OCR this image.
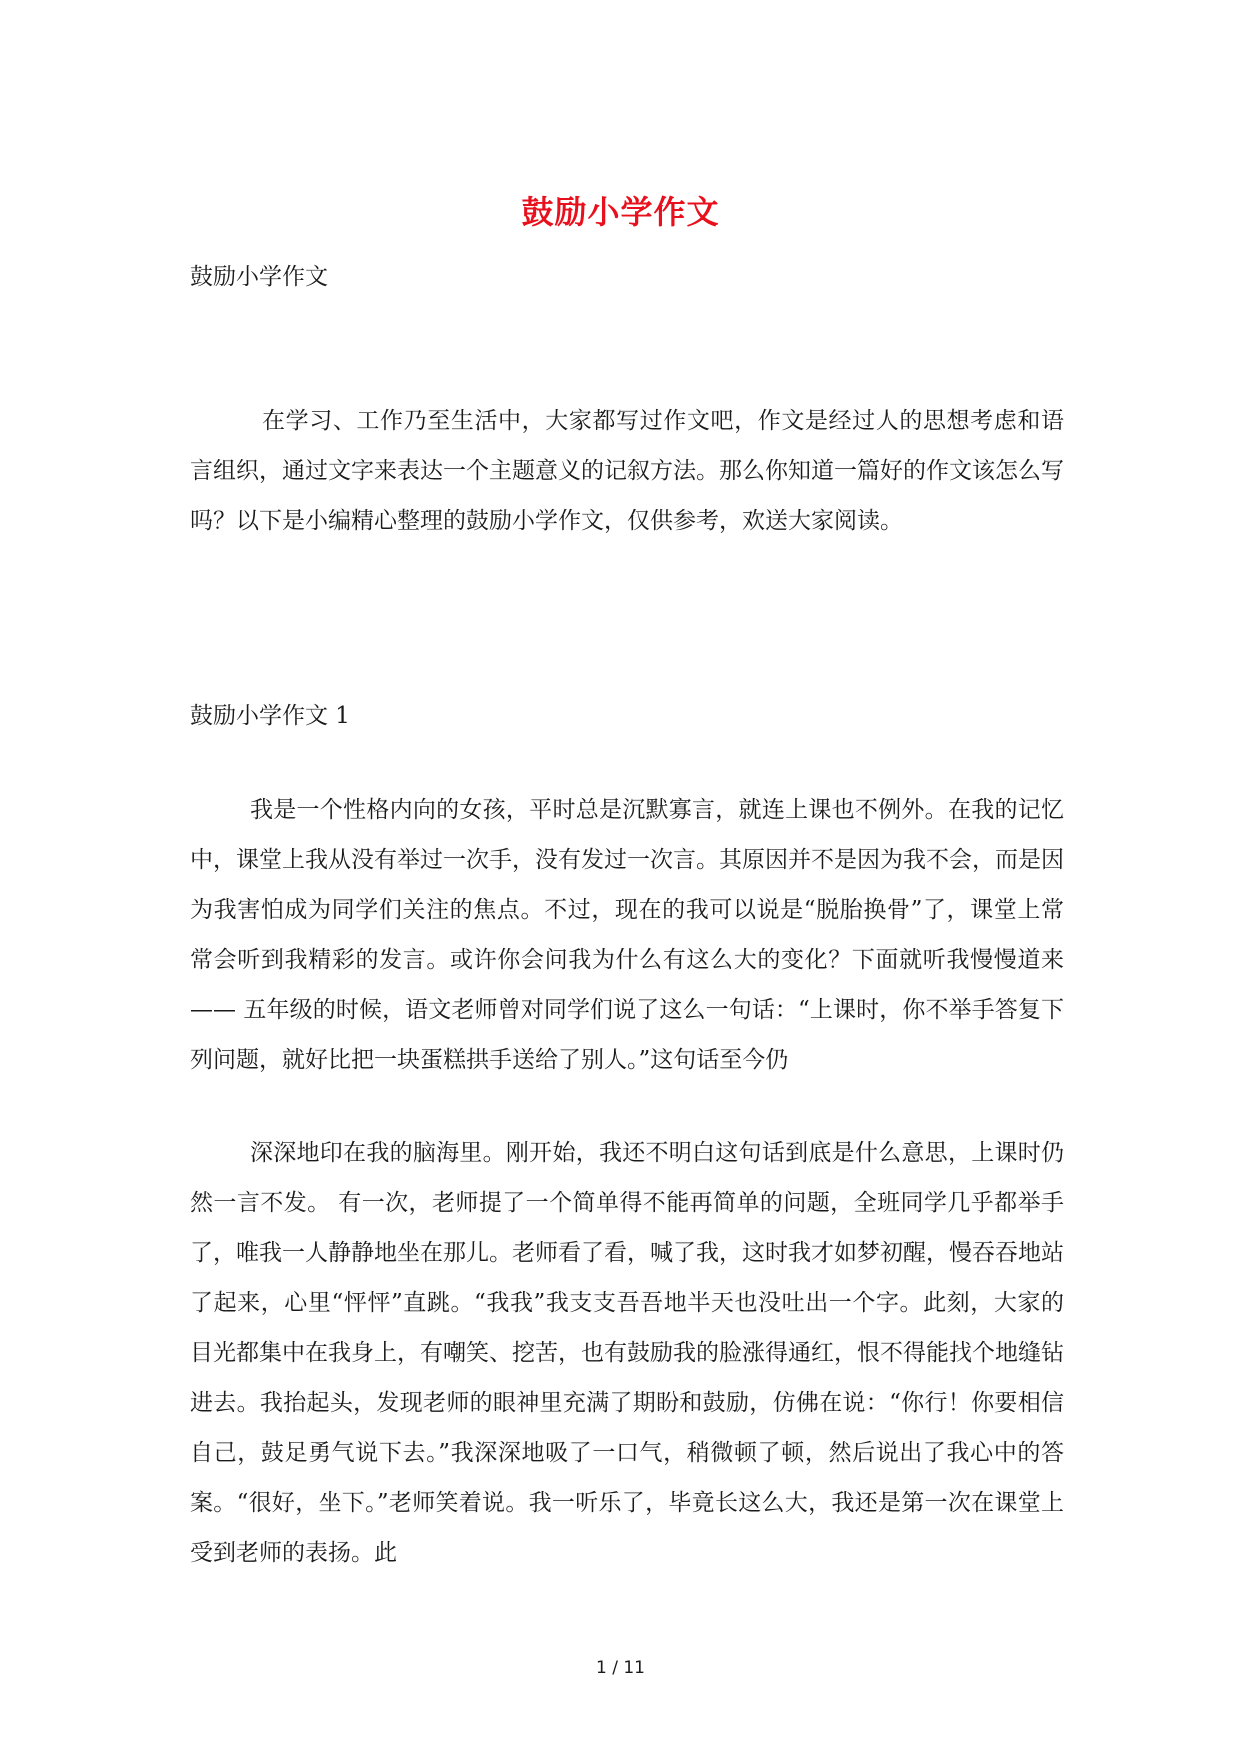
鼓励小学作文
鼓励小学作文
在学习、工作乃至生活中，大家都写过作文吧，作文是经过人的思想考虑和语言组织，通过文字来表达一个主题意义的记叙方法。那么你知道一篇好的作文该怎么写吗？以下是小编精心整理的鼓励小学作文，仅供参考，欢送大家阅读。
鼓励小学作文 1
我是一个性格内向的女孩，平时总是沉默寡言，就连上课也不例外。在我的记忆中，课堂上我从没有举过一次手，没有发过一次言。其原因并不是因为我不会，而是因为我害怕成为同学们关注的焦点。不过，现在的我可以说是“脱胎换骨”了，课堂上常常会听到我精彩的发言。或许你会问我为什么有这么大的变化？下面就听我慢慢道来—— 五年级的时候，语文老师曾对同学们说了这么一句话：“上课时，你不举手答复下列问题，就好比把一块蛋糕拱手送给了别人。”这句话至今仍
深深地印在我的脑海里。刚开始，我还不明白这句话到底是什么意思，上课时仍然一言不发。 有一次，老师提了一个简单得不能再简单的问题，全班同学几乎都举手了，唯我一人静静地坐在那儿。老师看了看，喊了我，这时我才如梦初醒，慢吞吞地站了起来，心里“怦怦”直跳。“我我”我支支吾吾地半天也没吐出一个字。此刻，大家的目光都集中在我身上，有嘲笑、挖苦，也有鼓励我的脸涨得通红，恨不得能找个地缝钻进去。我抬起头，发现老师的眼神里充满了期盼和鼓励，仿佛在说：“你行！你要相信自己，鼓足勇气说下去。”我深深地吸了一口气，稍微顿了顿，然后说出了我心中的答案。“很好，坐下。”老师笑着说。我一听乐了，毕竟长这么大，我还是第一次在课堂上受到老师的表扬。此
1 / 11
